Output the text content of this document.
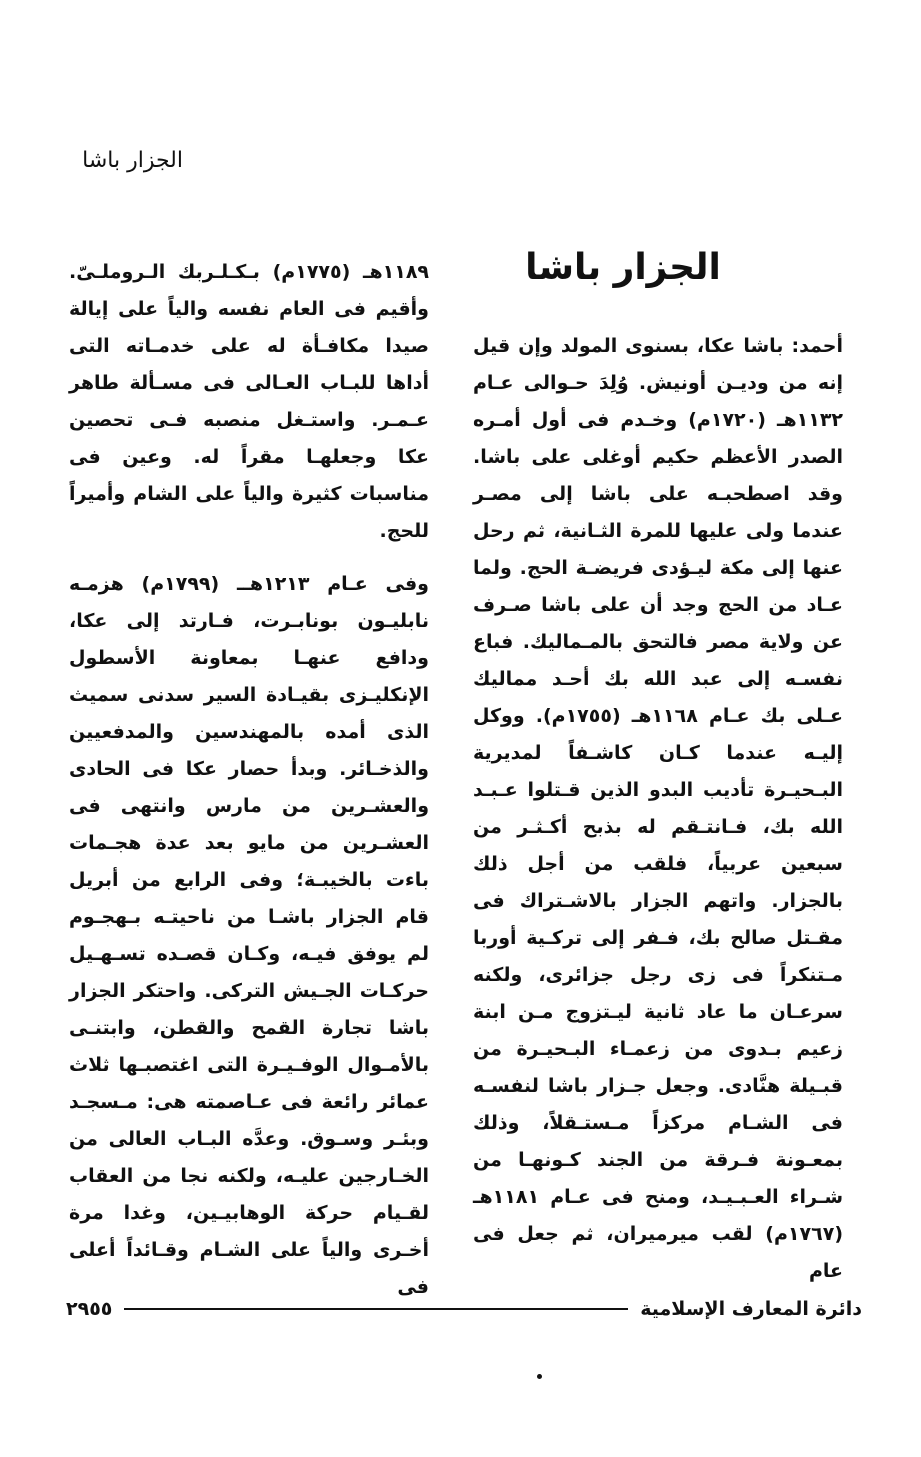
الجزار باشا
الجزار باشا

أحمد: باشا عكا، بسنوى المولد وإن قيل إنه من وديـن أونيش. وُلِدَ حـوالى عـام ١١٣٢هـ (١٧٢٠م) وخـدم فى أول أمـره الصدر الأعظم حكيم أوغلى على باشا. وقد اصطحبـه على باشا إلى مصـر عندما ولى عليها للمرة الثـانية، ثم رحل عنها إلى مكة ليـؤدى فريضـة الحج. ولما عـاد من الحج وجد أن على باشا صـرف عن ولاية مصر فالتحق بالمـماليك. فباع نفسـه إلى عبد الله بك أحـد مماليك عـلى بك عـام ١١٦٨هـ (١٧٥٥م). ووكل إليـه عندما كـان كاشـفاً لمديرية البـحيـرة تأديب البدو الذين قـتلوا عـبـد الله بك، فـانتـقم له بذبح أكـثـر من سبعين عربياً، فلقب من أجل ذلك بالجزار. واتهم الجزار بالاشـتراك فى مقـتل صالح بك، فـفر إلى تركـية أوربا مـتنكراً فى زى رجل جزائرى، ولكنه سرعـان ما عاد ثانية ليـتزوج مـن ابنة زعيم بـدوى من زعمـاء البـحيـرة من قبـيلة هنَّادى. وجعل جـزار باشا لنفسـه فى الشـام مركزاً مـستـقلاً، وذلك بمعـونة فـرقة من الجند كـونهـا من شـراء العـبـيـد، ومنح فى عـام ١١٨١هـ (١٧٦٧م) لقب ميرميران، ثم جعل فى عام

١١٨٩هـ (١٧٧٥م) بـكـلـربك الـروملـىّ. وأقيم فى العام نفسه والياً على إيالة صيدا مكافـأة له على خدمـاته التى أداها للبـاب العـالى فى مسـألة طاهر عـمـر. واستـغل منصبه فـى تحصين عكا وجعلهـا مقراً له. وعين فى مناسبات كثيرة والياً على الشام وأميراً للحج.

وفى عـام ١٢١٣هــ (١٧٩٩م) هزمـه نابليـون بونابـرت، فـارتد إلى عكا، ودافع عنهـا بمعاونة الأسطول الإنكليـزى بقيـادة السير سدنى سميث الذى أمده بالمهندسين والمدفعيين والذخـائر. وبدأ حصار عكا فى الحادى والعشـرين من مارس وانتهى فى العشـرين من مايو بعد عدة هجـمات باءت بالخيبـة؛ وفى الرابع من أبريل قام الجزار باشـا من ناحيتـه بـهجـوم لم يوفق فيـه، وكـان قصـده تسـهـيل حركـات الجـيش التركى. واحتكر الجزار باشا تجارة القمح والقطن، وابتنـى بالأمـوال الوفـيـرة التى اغتصبـها ثلاث عمائر رائعة فى عـاصمته هى: مـسجـد وبئـر وسـوق. وعدَّه البـاب العالى من الخـارجين عليـه، ولكنه نجا من العقاب لقـيام حركة الوهابيـين، وغدا مرة أخـرى والياً على الشـام وقـائداً أعلى فى

دائرة المعارف الإسلامية
٢٩٥٥
